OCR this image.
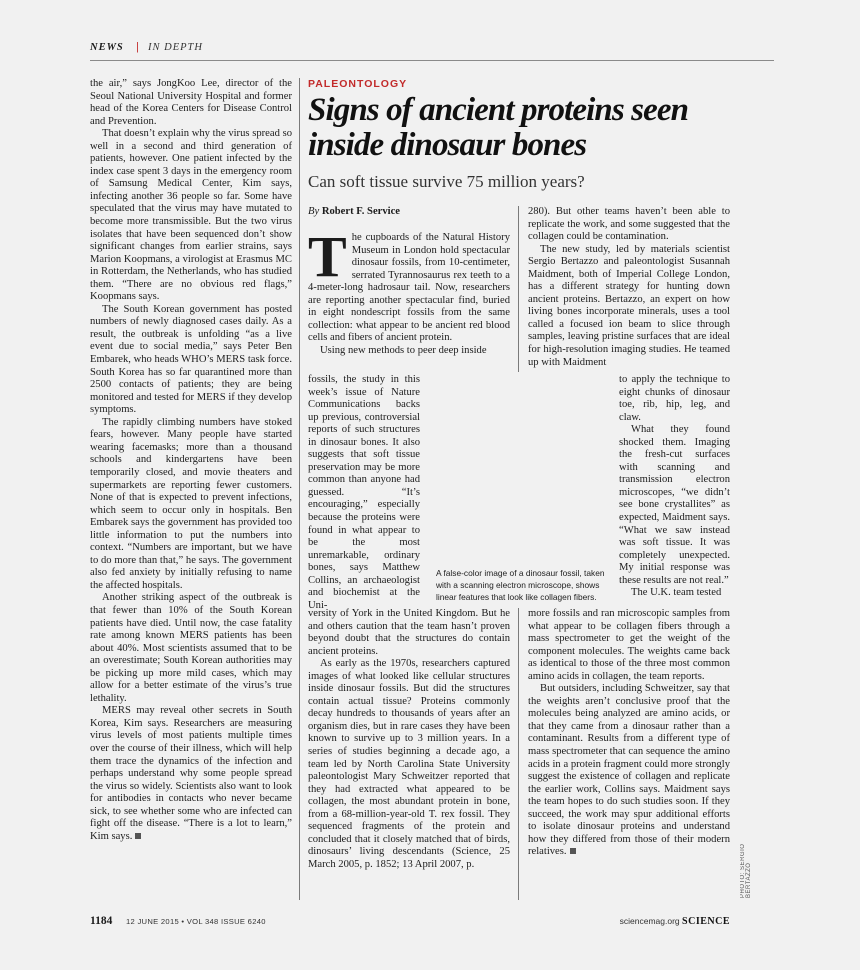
NEWS | IN DEPTH

the air,” says JongKoo Lee, director of the Seoul National University Hospital and former head of the Korea Centers for Disease Control and Prevention.

That doesn’t explain why the virus spread so well in a second and third generation of patients, however. One patient infected by the index case spent 3 days in the emergency room of Samsung Medical Center, Kim says, infecting another 36 people so far. Some have speculated that the virus may have mutated to become more transmissible. But the two virus isolates that have been sequenced don’t show significant changes from earlier strains, says Marion Koopmans, a virologist at Erasmus MC in Rotterdam, the Netherlands, who has studied them. “There are no obvious red flags,” Koopmans says.

The South Korean government has posted numbers of newly diagnosed cases daily. As a result, the outbreak is unfolding “as a live event due to social media,” says Peter Ben Embarek, who heads WHO’s MERS task force. South Korea has so far quarantined more than 2500 contacts of patients; they are being monitored and tested for MERS if they develop symptoms.

The rapidly climbing numbers have stoked fears, however. Many people have started wearing facemasks; more than a thousand schools and kindergartens have been temporarily closed, and movie theaters and supermarkets are reporting fewer customers. None of that is expected to prevent infections, which seem to occur only in hospitals. Ben Embarek says the government has provided too little information to put the numbers into context. “Numbers are important, but we have to do more than that,” he says. The government also fed anxiety by initially refusing to name the affected hospitals.

Another striking aspect of the outbreak is that fewer than 10% of the South Korean patients have died. Until now, the case fatality rate among known MERS patients has been about 40%. Most scientists assumed that to be an overestimate; South Korean authorities may be picking up more mild cases, which may allow for a better estimate of the virus’s true lethality.

MERS may reveal other secrets in South Korea, Kim says. Researchers are measuring virus levels of most patients multiple times over the course of their illness, which will help them trace the dynamics of the infection and perhaps understand why some people spread the virus so widely. Scientists also want to look for antibodies in contacts who never became sick, to see whether some who are infected can fight off the disease. “There is a lot to learn,” Kim says.

PALEONTOLOGY
Signs of ancient proteins seen inside dinosaur bones
Can soft tissue survive 75 million years?
By Robert F. Service

The cupboards of the Natural History Museum in London hold spectacular dinosaur fossils, from 10-centimeter, serrated Tyrannosaurus rex teeth to a 4-meter-long hadrosaur tail. Now, researchers are reporting another spectacular find, buried in eight nondescript fossils from the same collection: what appear to be ancient red blood cells and fibers of ancient protein.

Using new methods to peer deep inside

fossils, the study in this week’s issue of Nature Communications backs up previous, controversial reports of such structures in dinosaur bones. It also suggests that soft tissue preservation may be more common than anyone had guessed. “It’s encouraging,” especially because the proteins were found in what appear to be the most unremarkable, ordinary bones, says Matthew Collins, an archaeologist and biochemist at the Uni-

A false-color image of a dinosaur fossil, taken with a scanning electron microscope, shows linear features that look like collagen fibers.

versity of York in the United Kingdom. But he and others caution that the team hasn’t proven beyond doubt that the structures do contain ancient proteins.

As early as the 1970s, researchers captured images of what looked like cellular structures inside dinosaur fossils. But did the structures contain actual tissue? Proteins commonly decay hundreds to thousands of years after an organism dies, but in rare cases they have been known to survive up to 3 million years. In a series of studies beginning a decade ago, a team led by North Carolina State University paleontologist Mary Schweitzer reported that they had extracted what appeared to be collagen, the most abundant protein in bone, from a 68-million-year-old T. rex fossil. They sequenced fragments of the protein and concluded that it closely matched that of birds, dinosaurs’ living descendants (Science, 25 March 2005, p. 1852; 13 April 2007, p.

280). But other teams haven’t been able to replicate the work, and some suggested that the collagen could be contamination.

The new study, led by materials scientist Sergio Bertazzo and paleontologist Susannah Maidment, both of Imperial College London, has a different strategy for hunting down ancient proteins. Bertazzo, an expert on how living bones incorporate minerals, uses a tool called a focused ion beam to slice through samples, leaving pristine surfaces that are ideal for high-resolution imaging studies. He teamed up with Maidment

to apply the technique to eight chunks of dinosaur toe, rib, hip, leg, and claw.

What they found shocked them. Imaging the fresh-cut surfaces with scanning and transmission electron microscopes, “we didn’t see bone crystallites” as expected, Maidment says. “What we saw instead was soft tissue. It was completely unexpected. My initial response was these results are not real.”

The U.K. team tested

more fossils and ran microscopic samples from what appear to be collagen fibers through a mass spectrometer to get the weight of the component molecules. The weights came back as identical to those of the three most common amino acids in collagen, the team reports.

But outsiders, including Schweitzer, say that the weights aren’t conclusive proof that the molecules being analyzed are amino acids, or that they came from a dinosaur rather than a contaminant. Results from a different type of mass spectrometer that can sequence the amino acids in a protein fragment could more strongly suggest the existence of collagen and replicate the earlier work, Collins says. Maidment says the team hopes to do such studies soon. If they succeed, the work may spur additional efforts to isolate dinosaur proteins and understand how they differed from those of their modern relatives.	PHOTO: SERGIO BERTAZZO
1184 12 JUNE 2015 • VOL 348 ISSUE 6240	sciencemag.org SCIENCE
